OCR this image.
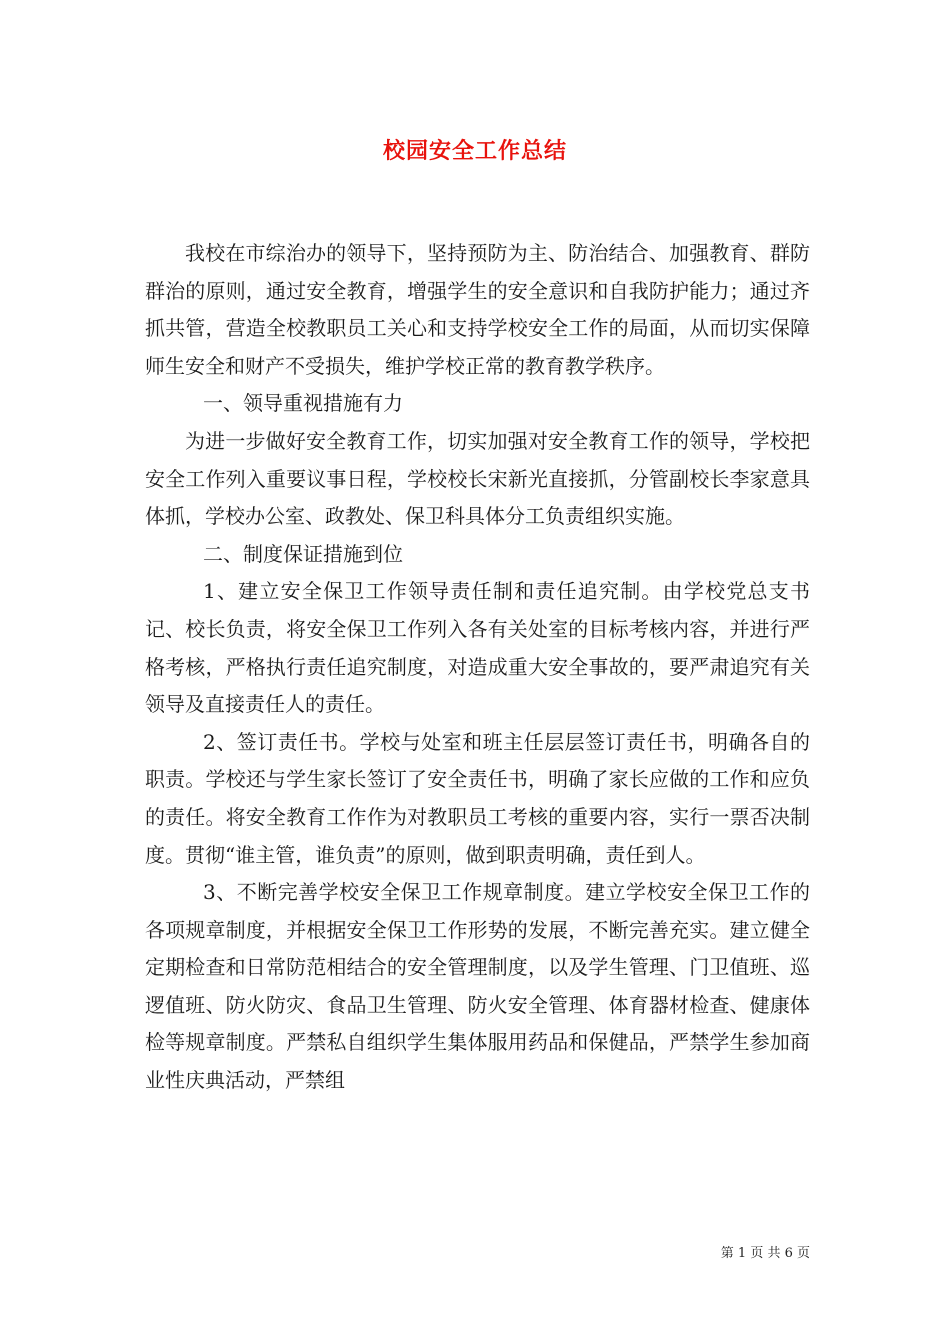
校园安全工作总结

我校在市综治办的领导下，坚持预防为主、防治结合、加强教育、群防群治的原则，通过安全教育，增强学生的安全意识和自我防护能力；通过齐抓共管，营造全校教职员工关心和支持学校安全工作的局面，从而切实保障师生安全和财产不受损失，维护学校正常的教育教学秩序。

一、领导重视措施有力

为进一步做好安全教育工作，切实加强对安全教育工作的领导，学校把安全工作列入重要议事日程，学校校长宋新光直接抓，分管副校长李家意具体抓，学校办公室、政教处、保卫科具体分工负责组织实施。

二、制度保证措施到位

1、建立安全保卫工作领导责任制和责任追究制。由学校党总支书记、校长负责，将安全保卫工作列入各有关处室的目标考核内容，并进行严格考核，严格执行责任追究制度，对造成重大安全事故的，要严肃追究有关领导及直接责任人的责任。

2、签订责任书。学校与处室和班主任层层签订责任书，明确各自的职责。学校还与学生家长签订了安全责任书，明确了家长应做的工作和应负的责任。将安全教育工作作为对教职员工考核的重要内容，实行一票否决制度。贯彻“谁主管，谁负责”的原则，做到职责明确，责任到人。

3、不断完善学校安全保卫工作规章制度。建立学校安全保卫工作的各项规章制度，并根据安全保卫工作形势的发展，不断完善充实。建立健全定期检查和日常防范相结合的安全管理制度，以及学生管理、门卫值班、巡逻值班、防火防灾、食品卫生管理、防火安全管理、体育器材检查、健康体检等规章制度。严禁私自组织学生集体服用药品和保健品，严禁学生参加商业性庆典活动，严禁组

第 1 页 共 6 页
